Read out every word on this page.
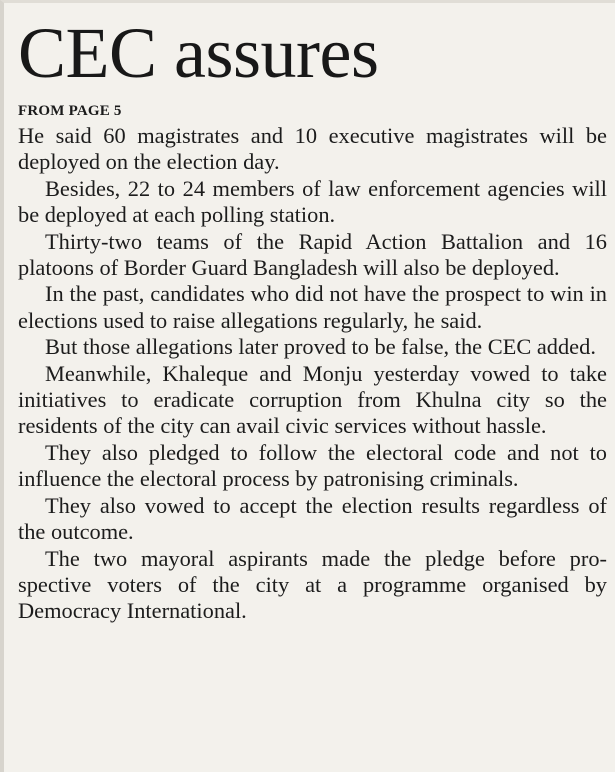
CEC assures
FROM PAGE 5

He said 60 magistrates and 10 executive magistrates will be deployed on the election day.

Besides, 22 to 24 members of law enforcement agencies will be deployed at each polling station.

Thirty-two teams of the Rapid Action Battalion and 16 platoons of Border Guard Bangladesh will also be deployed.

In the past, candidates who did not have the prospect to win in elections used to raise allegations regularly, he said.

But those allegations later proved to be false, the CEC added.

Meanwhile, Khaleque and Monju yesterday vowed to take initiatives to eradicate corruption from Khulna city so the residents of the city can avail civic services without hassle.

They also pledged to follow the electoral code and not to influence the electoral process by patronising criminals.

They also vowed to accept the election results regardless of the outcome.

The two mayoral aspirants made the pledge before prospective voters of the city at a programme organised by Democracy International.
